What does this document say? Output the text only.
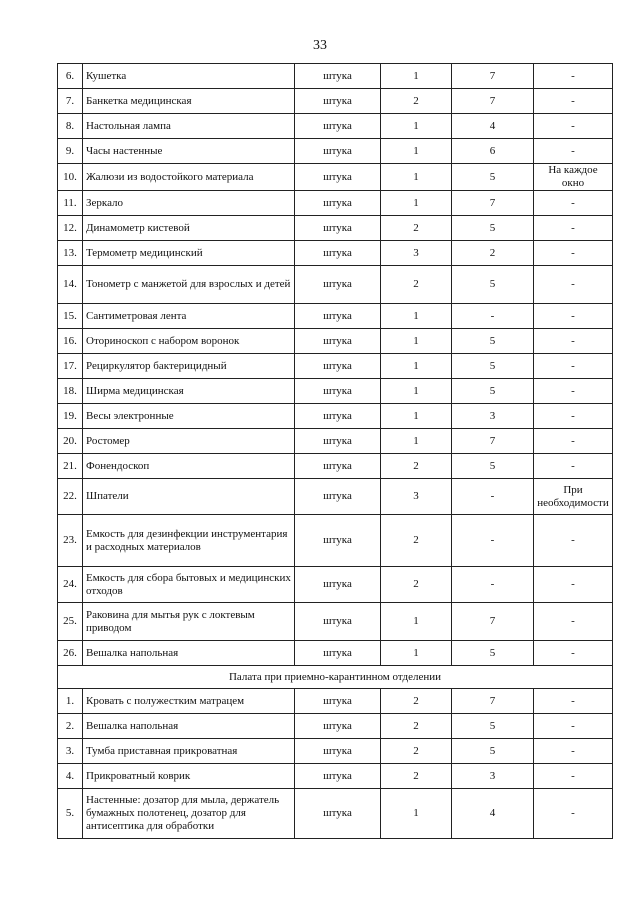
33
6.	Кушетка	штука	1	7	-
7.	Банкетка медицинская	штука	2	7	-
8.	Настольная лампа	штука	1	4	-
9.	Часы настенные	штука	1	6	-
10.	Жалюзи из водостойкого материала	штука	1	5	На каждое окно
11.	Зеркало	штука	1	7	-
12.	Динамометр кистевой	штука	2	5	-
13.	Термометр медицинский	штука	3	2	-
14.	Тонометр с манжетой для взрослых и детей	штука	2	5	-
15.	Сантиметровая лента	штука	1	-	-
16.	Оториноскоп с набором воронок	штука	1	5	-
17.	Рециркулятор бактерицидный	штука	1	5	-
18.	Ширма медицинская	штука	1	5	-
19.	Весы электронные	штука	1	3	-
20.	Ростомер	штука	1	7	-
21.	Фонендоскоп	штука	2	5	-
22.	Шпатели	штука	3	-	При необходимости
23.	Емкость для дезинфекции инструментария и расходных материалов	штука	2	-	-
24.	Емкость для сбора бытовых и медицинских отходов	штука	2	-	-
25.	Раковина для мытья рук с локтевым приводом	штука	1	7	-
26.	Вешалка напольная	штука	1	5	-
Палата при приемно-карантинном отделении					
1.	Кровать с полужестким матрацем	штука	2	7	-
2.	Вешалка напольная	штука	2	5	-
3.	Тумба приставная прикроватная	штука	2	5	-
4.	Прикроватный коврик	штука	2	3	-
5.	Настенные: дозатор для мыла, держатель бумажных полотенец, дозатор для антисептика для обработки	штука	1	4	-
